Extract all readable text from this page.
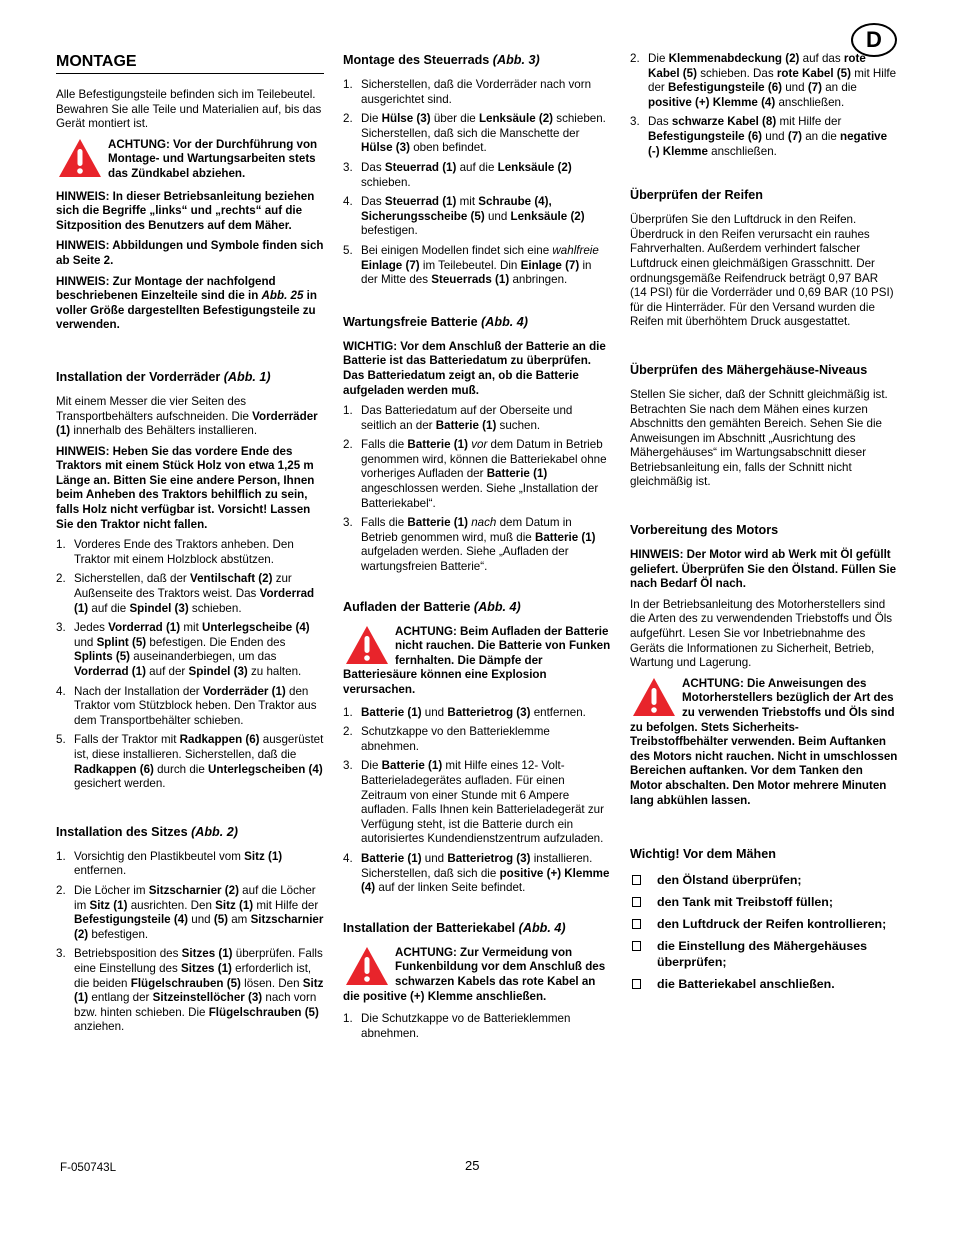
D
MONTAGE

Alle Befestigungsteile befinden sich im Teilebeutel. Bewahren Sie alle Teile und Materialien auf, bis das Gerät montiert ist.

ACHTUNG: Vor der Durchführung von Montage- und Wartungsarbeiten stets das Zündkabel abziehen.

HINWEIS: In dieser Betriebsanleitung beziehen sich die Begriffe „links“ und „rechts“ auf die Sitzposition des Benutzers auf dem Mäher.

HINWEIS: Abbildungen und Symbole finden sich ab Seite 2.

HINWEIS: Zur Montage der nachfolgend beschriebenen Einzelteile sind die in Abb. 25 in voller Größe dargestellten Befestigungsteile zu verwenden.

Installation der Vorderräder (Abb. 1)

Mit einem Messer die vier Seiten des Transportbehälters aufschneiden. Die Vorderräder (1) innerhalb des Behälters installieren.

HINWEIS: Heben Sie das vordere Ende des Traktors mit einem Stück Holz von etwa 1,25 m Länge an. Bitten Sie eine andere Person, Ihnen beim Anheben des Traktors behilflich zu sein, falls Holz nicht verfügbar ist. Vorsicht! Lassen Sie den Traktor nicht fallen.

1. Vorderes Ende des Traktors anheben. Den Traktor mit einem Holzblock abstützen.
2. Sicherstellen, daß der Ventilschaft (2) zur Außenseite des Traktors weist. Das Vorderrad (1) auf die Spindel (3) schieben.
3. Jedes Vorderrad (1) mit Unterlegscheibe (4) und Splint (5) befestigen. Die Enden des Splints (5) auseinanderbiegen, um das Vorderrad (1) auf der Spindel (3) zu halten.
4. Nach der Installation der Vorderräder (1) den Traktor vom Stützblock heben. Den Traktor aus dem Transportbehälter schieben.
5. Falls der Traktor mit Radkappen (6) ausgerüstet ist, diese installieren. Sicherstellen, daß die Radkappen (6) durch die Unterlegscheiben (4) gesichert werden.
Installation des Sitzes (Abb. 2)
1. Vorsichtig den Plastikbeutel vom Sitz (1) entfernen.
2. Die Löcher im Sitzscharnier (2) auf die Löcher im Sitz (1) ausrichten. Den Sitz (1) mit Hilfe der Befestigungsteile (4) und (5) am Sitzscharnier (2) befestigen.
3. Betriebsposition des Sitzes (1) überprüfen. Falls eine Einstellung des Sitzes (1) erforderlich ist, die beiden Flügelschrauben (5) lösen. Den Sitz (1) entlang der Sitzeinstellöcher (3) nach vorn bzw. hinten schieben. Die Flügelschrauben (5) anziehen.
Montage des Steuerrads (Abb. 3)
1. Sicherstellen, daß die Vorderräder nach vorn ausgerichtet sind.
2. Die Hülse (3) über die Lenksäule (2) schieben. Sicherstellen, daß sich die Manschette der Hülse (3) oben befindet.
3. Das Steuerrad (1) auf die Lenksäule (2) schieben.
4. Das Steuerrad (1) mit Schraube (4), Sicherungsscheibe (5) und Lenksäule (2) befestigen.
5. Bei einigen Modellen findet sich eine wahlfreie Einlage (7) im Teilebeutel. Din Einlage (7) in der Mitte des Steuerrads (1) anbringen.
Wartungsfreie Batterie (Abb. 4)

WICHTIG: Vor dem Anschluß der Batterie an die Batterie ist das Batteriedatum zu überprüfen. Das Batteriedatum zeigt an, ob die Batterie aufgeladen werden muß.

1. Das Batteriedatum auf der Oberseite und seitlich an der Batterie (1) suchen.
2. Falls die Batterie (1) vor dem Datum in Betrieb genommen wird, können die Batteriekabel ohne vorheriges Aufladen der Batterie (1) angeschlossen werden. Siehe „Installation der Batteriekabel“.
3. Falls die Batterie (1) nach dem Datum in Betrieb genommen wird, muß die Batterie (1) aufgeladen werden. Siehe „Aufladen der wartungsfreien Batterie“.
Aufladen der Batterie (Abb. 4)
ACHTUNG: Beim Aufladen der Batterie nicht rauchen. Die Batterie von Funken fernhalten. Die Dämpfe der Batteriesäure können eine Explosion verursachen.
1. Batterie (1) und Batterietrog (3) entfernen.
2. Schutzkappe vo den Batterieklemme abnehmen.
3. Die Batterie (1) mit Hilfe eines 12- Volt- Batterieladegerätes aufladen. Für einen Zeitraum von einer Stunde mit 6 Ampere aufladen. Falls Ihnen kein Batterieladegerät zur Verfügung steht, ist die Batterie durch ein autorisiertes Kundendienstzentrum aufzuladen.
4. Batterie (1) und Batterietrog (3) installieren. Sicherstellen, daß sich die positive (+) Klemme (4) auf der linken Seite befindet.
Installation der Batteriekabel (Abb. 4)
ACHTUNG: Zur Vermeidung von Funkenbildung vor dem Anschluß des schwarzen Kabels das rote Kabel an die positive (+) Klemme anschließen.
1. Die Schutzkappe vo de Batterieklemmen abnehmen.
2. Die Klemmenabdeckung (2) auf das rote Kabel (5) schieben. Das rote Kabel (5) mit Hilfe der Befestigungsteile (6) und (7) an die positive (+) Klemme (4) anschließen.
3. Das schwarze Kabel (8) mit Hilfe der Befestigungsteile (6) und (7) an die negative (-) Klemme anschließen.
Überprüfen der Reifen

Überprüfen Sie den Luftdruck in den Reifen. Überdruck in den Reifen verursacht ein rauhes Fahrverhalten. Außerdem verhindert falscher Luftdruck einen gleichmäßigen Grasschnitt. Der ordnungsgemäße Reifendruck beträgt 0,97 BAR (14 PSI) für die Vorderräder und 0,69 BAR (10 PSI) für die Hinterräder. Für den Versand wurden die Reifen mit überhöhtem Druck ausgestattet.

Überprüfen des Mähergehäuse-Niveaus

Stellen Sie sicher, daß der Schnitt gleichmäßig ist. Betrachten Sie nach dem Mähen eines kurzen Abschnitts den gemähten Bereich. Sehen Sie die Anweisungen im Abschnitt „Ausrichtung des Mähergehäuses“ im Wartungsabschnitt dieser Betriebsanleitung ein, falls der Schnitt nicht gleichmäßig ist.

Vorbereitung des Motors

HINWEIS: Der Motor wird ab Werk mit Öl gefüllt geliefert. Überprüfen Sie den Ölstand. Füllen Sie nach Bedarf Öl nach.

In der Betriebsanleitung des Motorherstellers sind die Arten des zu verwendenden Triebstoffs und Öls aufgeführt. Lesen Sie vor Inbetriebnahme des Geräts die Informationen zu Sicherheit, Betrieb, Wartung und Lagerung.

ACHTUNG: Die Anweisungen des Motorherstellers bezüglich der Art des zu verwenden Triebstoffs und Öls sind zu befolgen. Stets Sicherheits- Treibstoffbehälter verwenden. Beim Auftanken des Motors nicht rauchen. Nicht in umschlossen Bereichen auftanken. Vor dem Tanken den Motor abschalten. Den Motor mehrere Minuten lang abkühlen lassen.
Wichtig! Vor dem Mähen
den Ölstand überprüfen;
den Tank mit Treibstoff füllen;
den Luftdruck der Reifen kontrollieren;
die Einstellung des Mähergehäuses überprüfen;
die Batteriekabel anschließen.
F-050743L	25
